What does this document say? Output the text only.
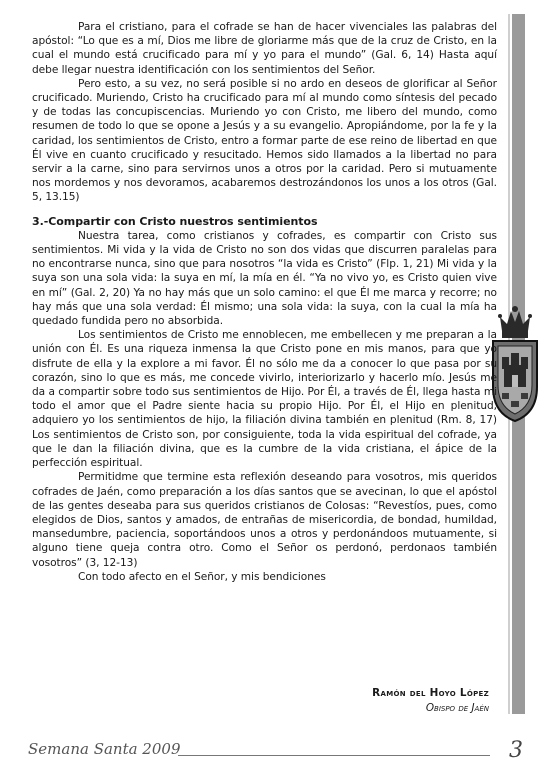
Para el cristiano, para el cofrade se han de hacer vivenciales las palabras del apóstol: “Lo que es a mí, Dios me libre de gloriarme más que de la cruz de Cristo, en la cual el mundo está crucificado para mí y yo para el mundo” (Gal. 6, 14) Hasta aquí debe llegar nuestra identificación con los sentimientos del Señor.

Pero esto, a su vez, no será posible si no ardo en deseos de glorificar al Señor crucificado. Muriendo, Cristo ha crucificado para mí al mundo como síntesis del pecado y de todas las concupiscencias. Muriendo yo con Cristo, me libero del mundo, como resumen de todo lo que se opone a Jesús y a su evangelio. Apropiándome, por la fe y la caridad, los sentimientos de Cristo, entro a formar parte de ese reino de libertad en que Él vive en cuanto crucificado y resucitado. Hemos sido llamados a la libertad no para servir a la carne, sino para servirnos unos a otros por la caridad. Pero si mutuamente nos mordemos y nos devoramos, acabaremos destrozándonos los unos a los otros (Gal. 5, 13.15)

3.-Compartir con Cristo nuestros sentimientos

Nuestra tarea, como cristianos y cofrades, es compartir con Cristo sus sentimientos. Mi vida y la vida de Cristo no son dos vidas que discurren paralelas para no encontrarse nunca, sino que para nosotros “la vida es Cristo” (Flp. 1, 21) Mi vida y la suya son una sola vida: la suya en mí, la mía en él. “Ya no vivo yo, es Cristo quien vive en mí” (Gal. 2, 20) Ya no hay más que un solo camino: el que Él me marca y recorre; no hay más que una sola verdad: Él mismo; una sola vida: la suya, con la cual la mía ha quedado fundida pero no absorbida.

Los sentimientos de Cristo me ennoblecen, me embellecen y me preparan a la unión con Él. Es una riqueza inmensa la que Cristo pone en mis manos, para que yo disfrute de ella y la explore a mi favor. Él no sólo me da a conocer lo que pasa por su corazón, sino lo que es más, me concede vivirlo, interiorizarlo y hacerlo mío. Jesús me da a compartir sobre todo sus sentimientos de Hijo. Por Él, a través de Él, llega hasta mi todo el amor que el Padre siente hacia su propio Hijo. Por Él, el Hijo en plenitud, adquiero yo los sentimientos de hijo, la filiación divina también en plenitud (Rm. 8, 17) Los sentimientos de Cristo son, por consiguiente, toda la vida espiritual del cofrade, ya que le dan la filiación divina, que es la cumbre de la vida cristiana, el ápice de la perfección espiritual.

Permitidme que termine esta reflexión deseando para vosotros, mis queridos cofrades de Jaén, como preparación a los días santos que se avecinan, lo que el apóstol de las gentes deseaba para sus queridos cristianos de Colosas: “Revestíos, pues, como elegidos de Dios, santos y amados, de entrañas de misericordia, de bondad, humildad, mansedumbre, paciencia, soportándoos unos a otros y perdonándoos mutuamente, si alguno tiene queja contra otro. Como el Señor os perdonó, perdonaos también vosotros” (3, 12-13)

Con todo afecto en el Señor, y mis bendiciones

Ramón del Hoyo López
Obispo de Jaén
Semana Santa 2009	3
